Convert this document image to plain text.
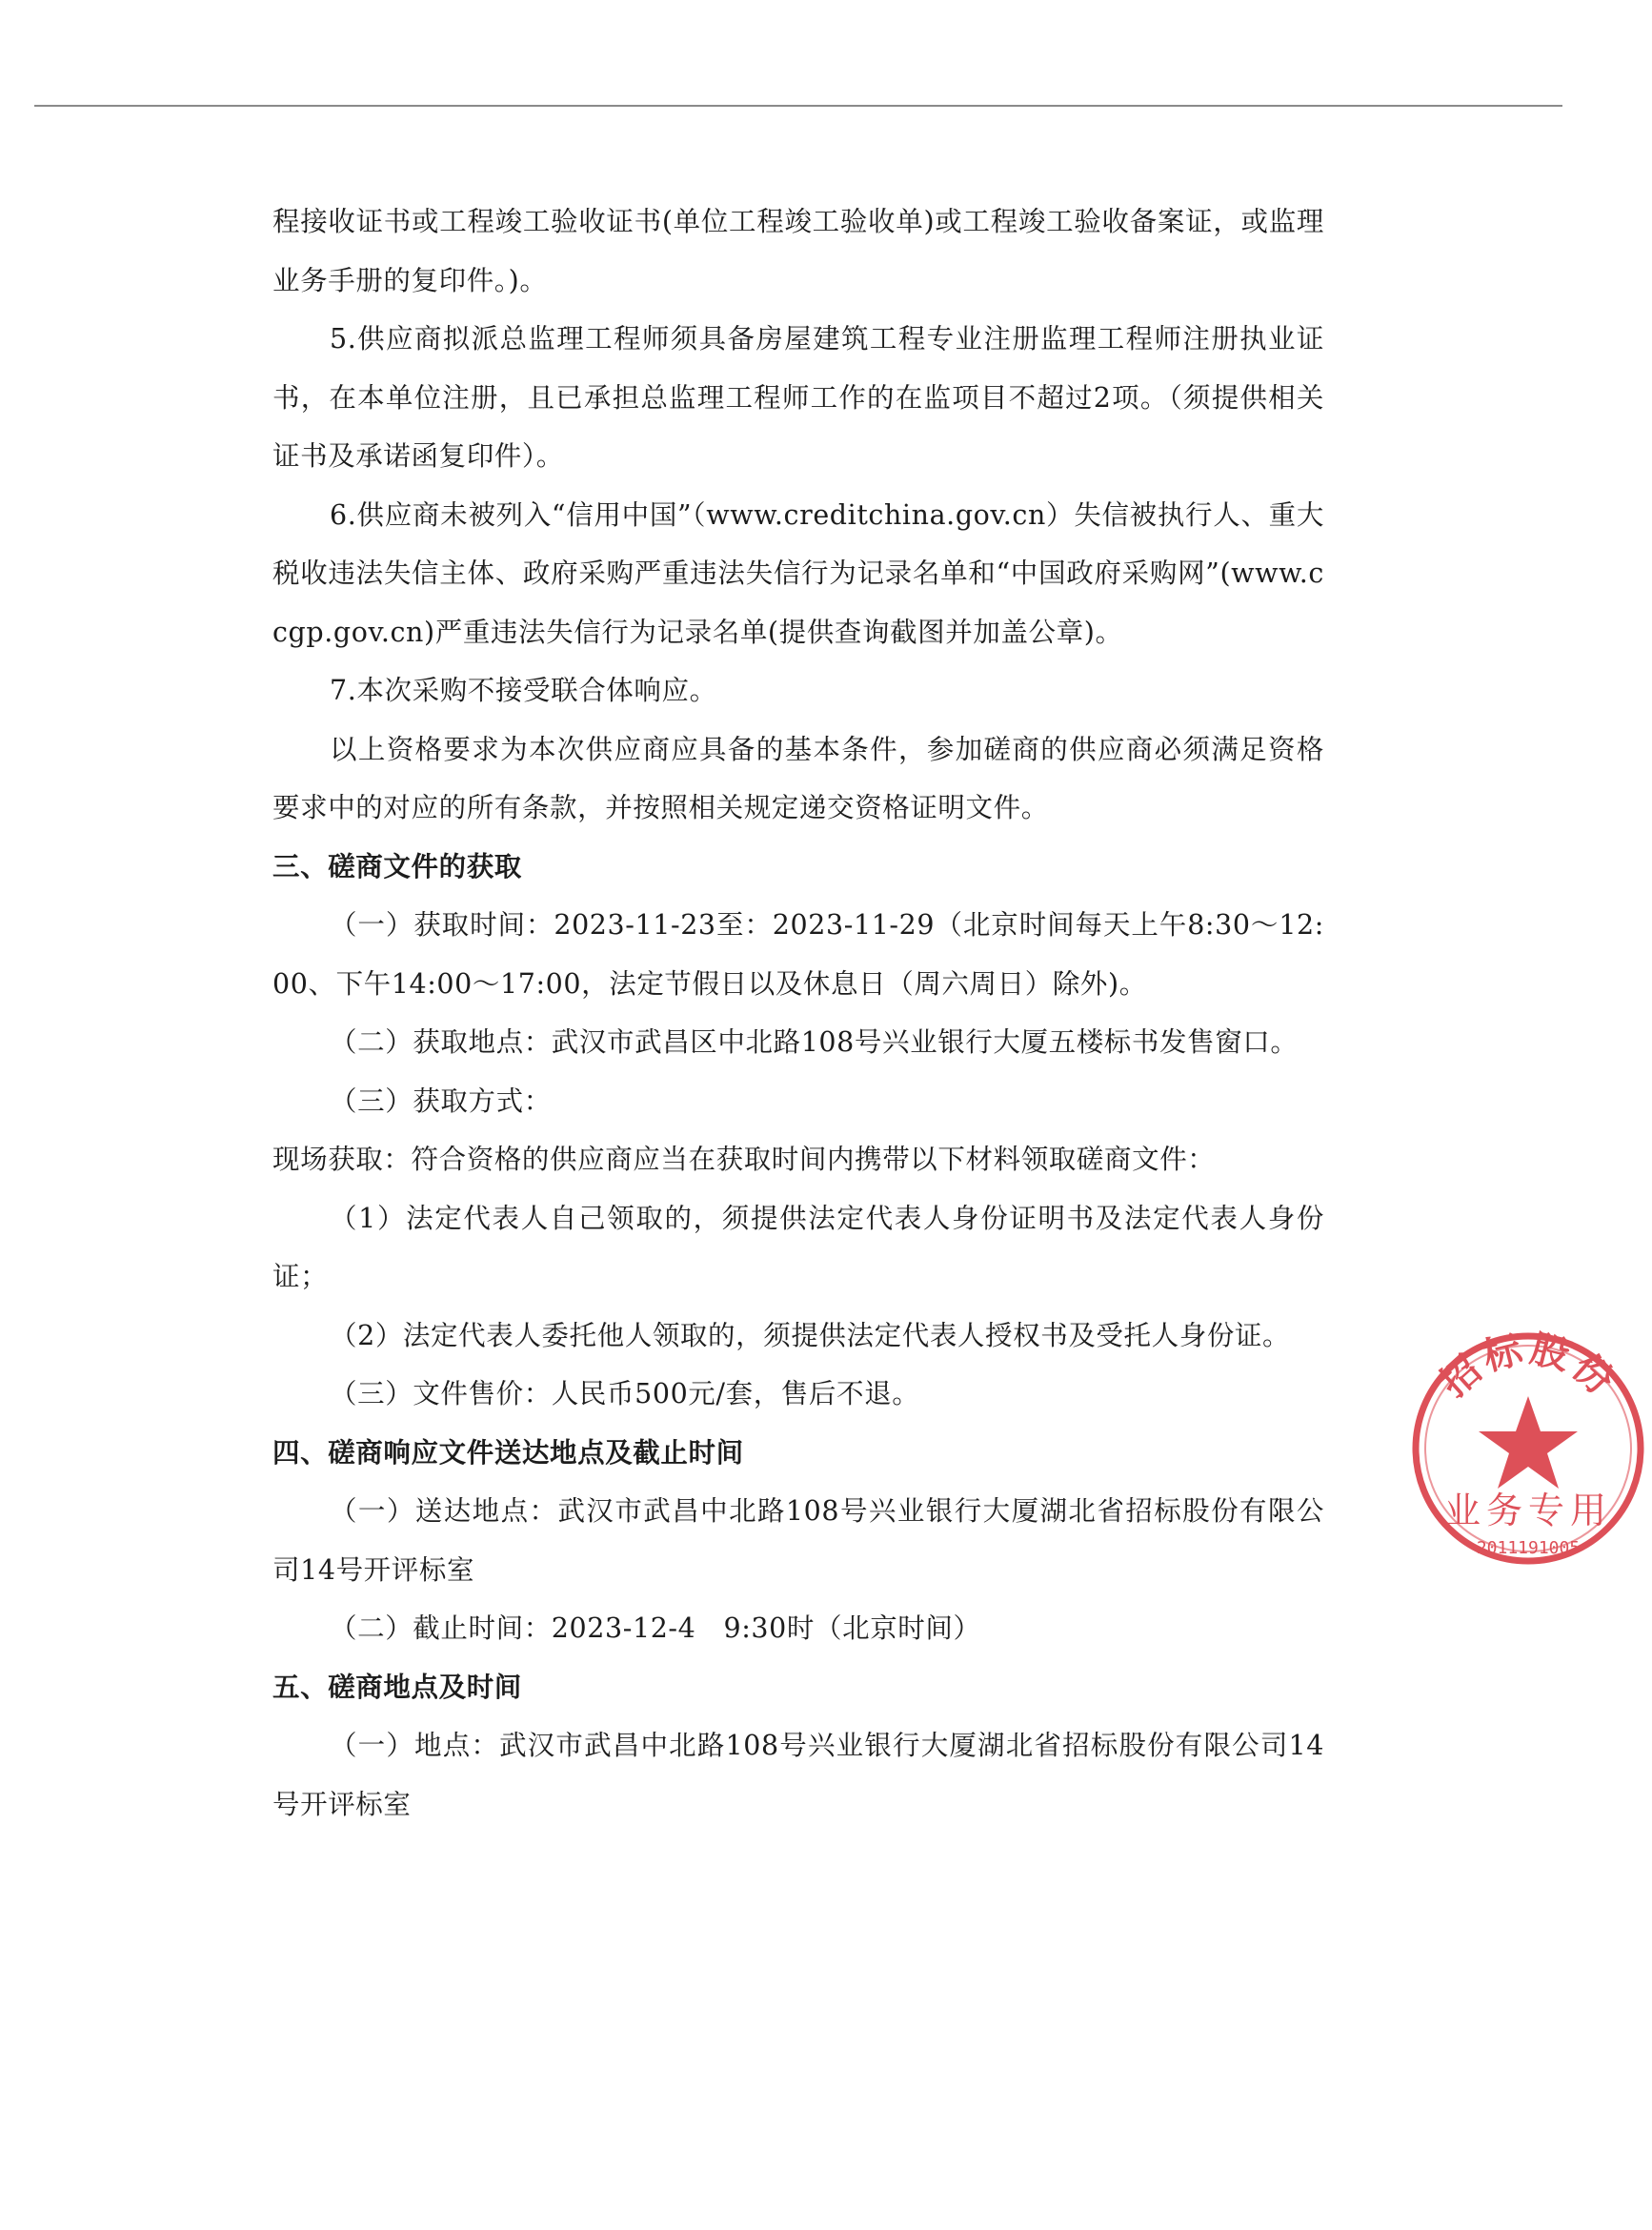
程接收证书或工程竣工验收证书(单位工程竣工验收单)或工程竣工验收备案证，或监理业务手册的复印件。)。

5.供应商拟派总监理工程师须具备房屋建筑工程专业注册监理工程师注册执业证书，在本单位注册，且已承担总监理工程师工作的在监项目不超过2项。（须提供相关证书及承诺函复印件）。

6.供应商未被列入“信用中国”（www.creditchina.gov.cn）失信被执行人、重大税收违法失信主体、政府采购严重违法失信行为记录名单和“中国政府采购网”(www.ccgp.gov.cn)严重违法失信行为记录名单(提供查询截图并加盖公章)。

7.本次采购不接受联合体响应。

以上资格要求为本次供应商应具备的基本条件，参加磋商的供应商必须满足资格要求中的对应的所有条款，并按照相关规定递交资格证明文件。

三、磋商文件的获取

（一）获取时间：2023-11-23至：2023-11-29（北京时间每天上午8:30～12:00、下午14:00～17:00，法定节假日以及休息日（周六周日）除外)。

（二）获取地点：武汉市武昌区中北路108号兴业银行大厦五楼标书发售窗口。

（三）获取方式：

现场获取：符合资格的供应商应当在获取时间内携带以下材料领取磋商文件：

（1）法定代表人自己领取的，须提供法定代表人身份证明书及法定代表人身份证；

（2）法定代表人委托他人领取的，须提供法定代表人授权书及受托人身份证。

（三）文件售价：人民币500元/套，售后不退。

四、磋商响应文件送达地点及截止时间

（一）送达地点：武汉市武昌中北路108号兴业银行大厦湖北省招标股份有限公司14号开评标室

（二）截止时间：2023-12-4　9:30时（北京时间）

五、磋商地点及时间

（一）地点：武汉市武昌中北路108号兴业银行大厦湖北省招标股份有限公司14号开评标室

招标股份
业务专用
2011191005
